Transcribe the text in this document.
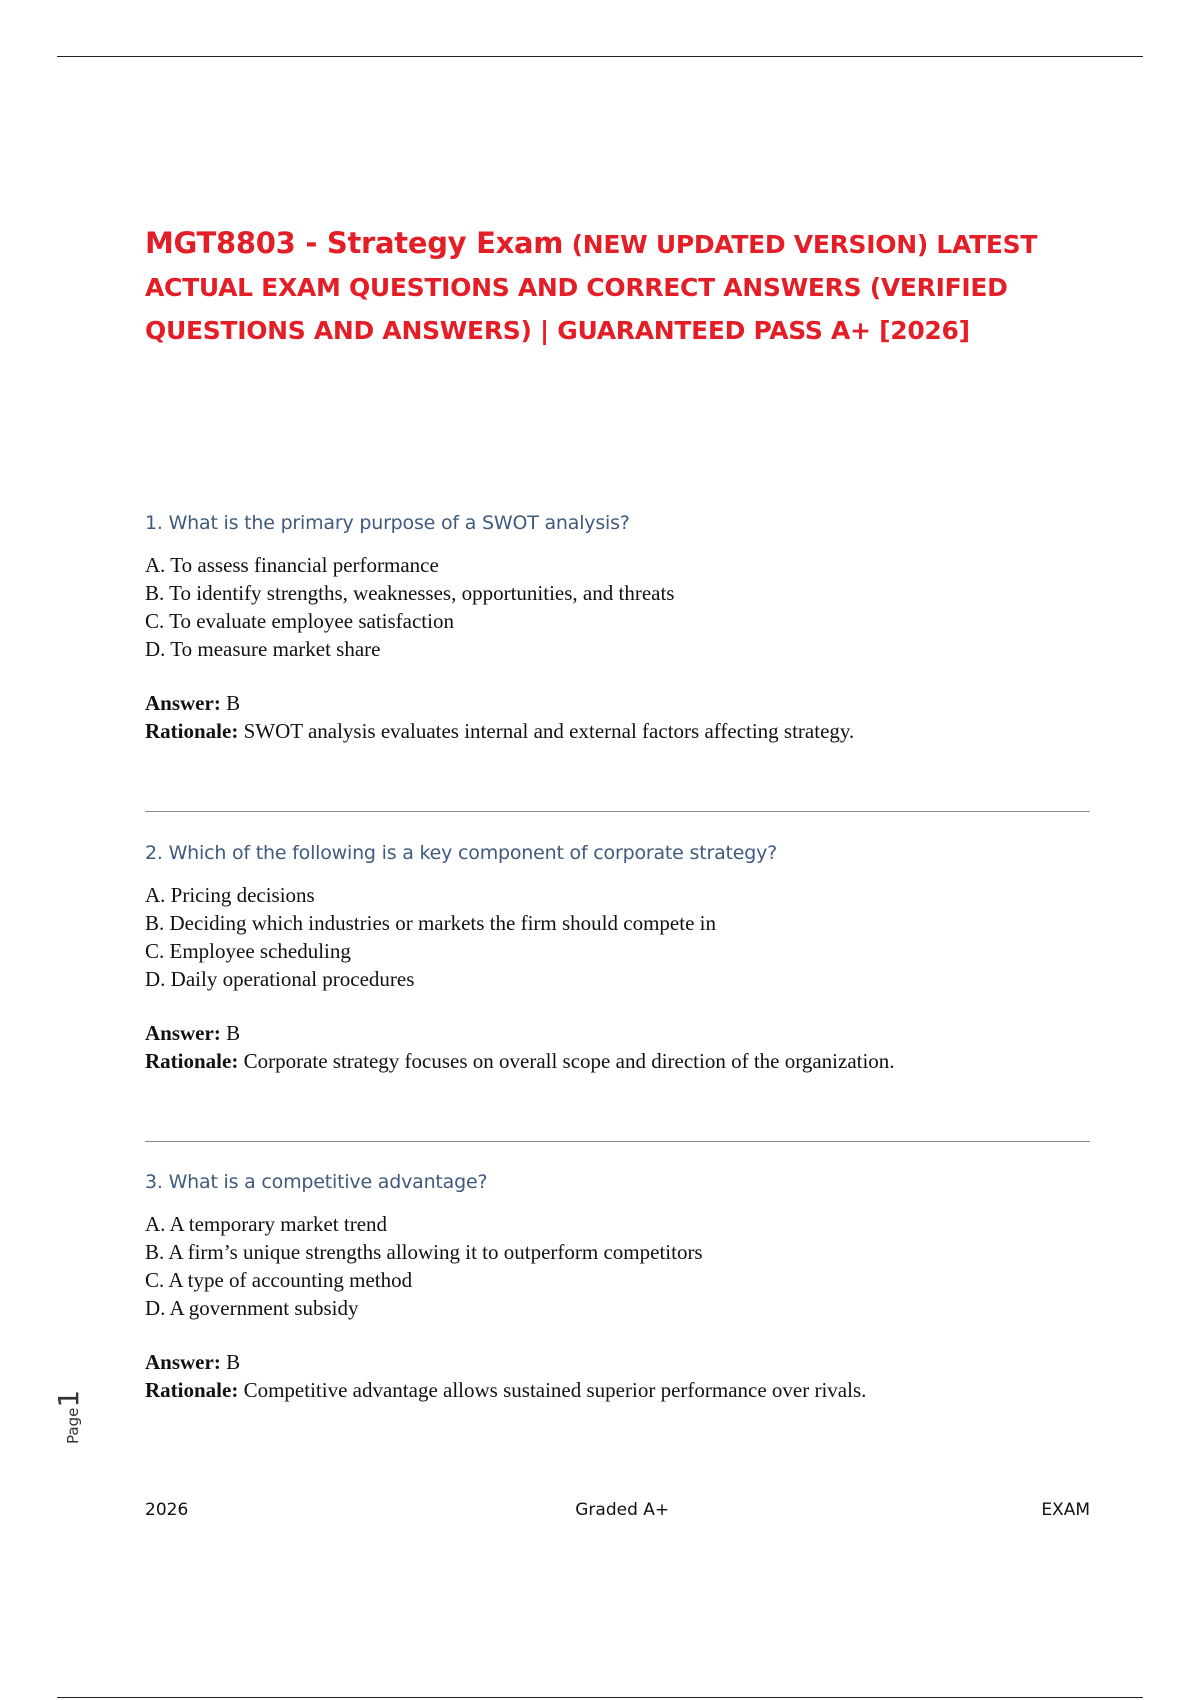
MGT8803 - Strategy Exam (NEW UPDATED VERSION) LATEST ACTUAL EXAM QUESTIONS AND CORRECT ANSWERS (VERIFIED QUESTIONS AND ANSWERS) | GUARANTEED PASS A+ [2026]

1. What is the primary purpose of a SWOT analysis?

A. To assess financial performance
B. To identify strengths, weaknesses, opportunities, and threats
C. To evaluate employee satisfaction
D. To measure market share
Answer: B
Rationale: SWOT analysis evaluates internal and external factors affecting strategy.

2. Which of the following is a key component of corporate strategy?

A. Pricing decisions
B. Deciding which industries or markets the firm should compete in
C. Employee scheduling
D. Daily operational procedures
Answer: B
Rationale: Corporate strategy focuses on overall scope and direction of the organization.

3. What is a competitive advantage?

A. A temporary market trend
B. A firm’s unique strengths allowing it to outperform competitors
C. A type of accounting method
D. A government subsidy
Answer: B
Rationale: Competitive advantage allows sustained superior performance over rivals.
Page1
2026	Graded A+	EXAM
